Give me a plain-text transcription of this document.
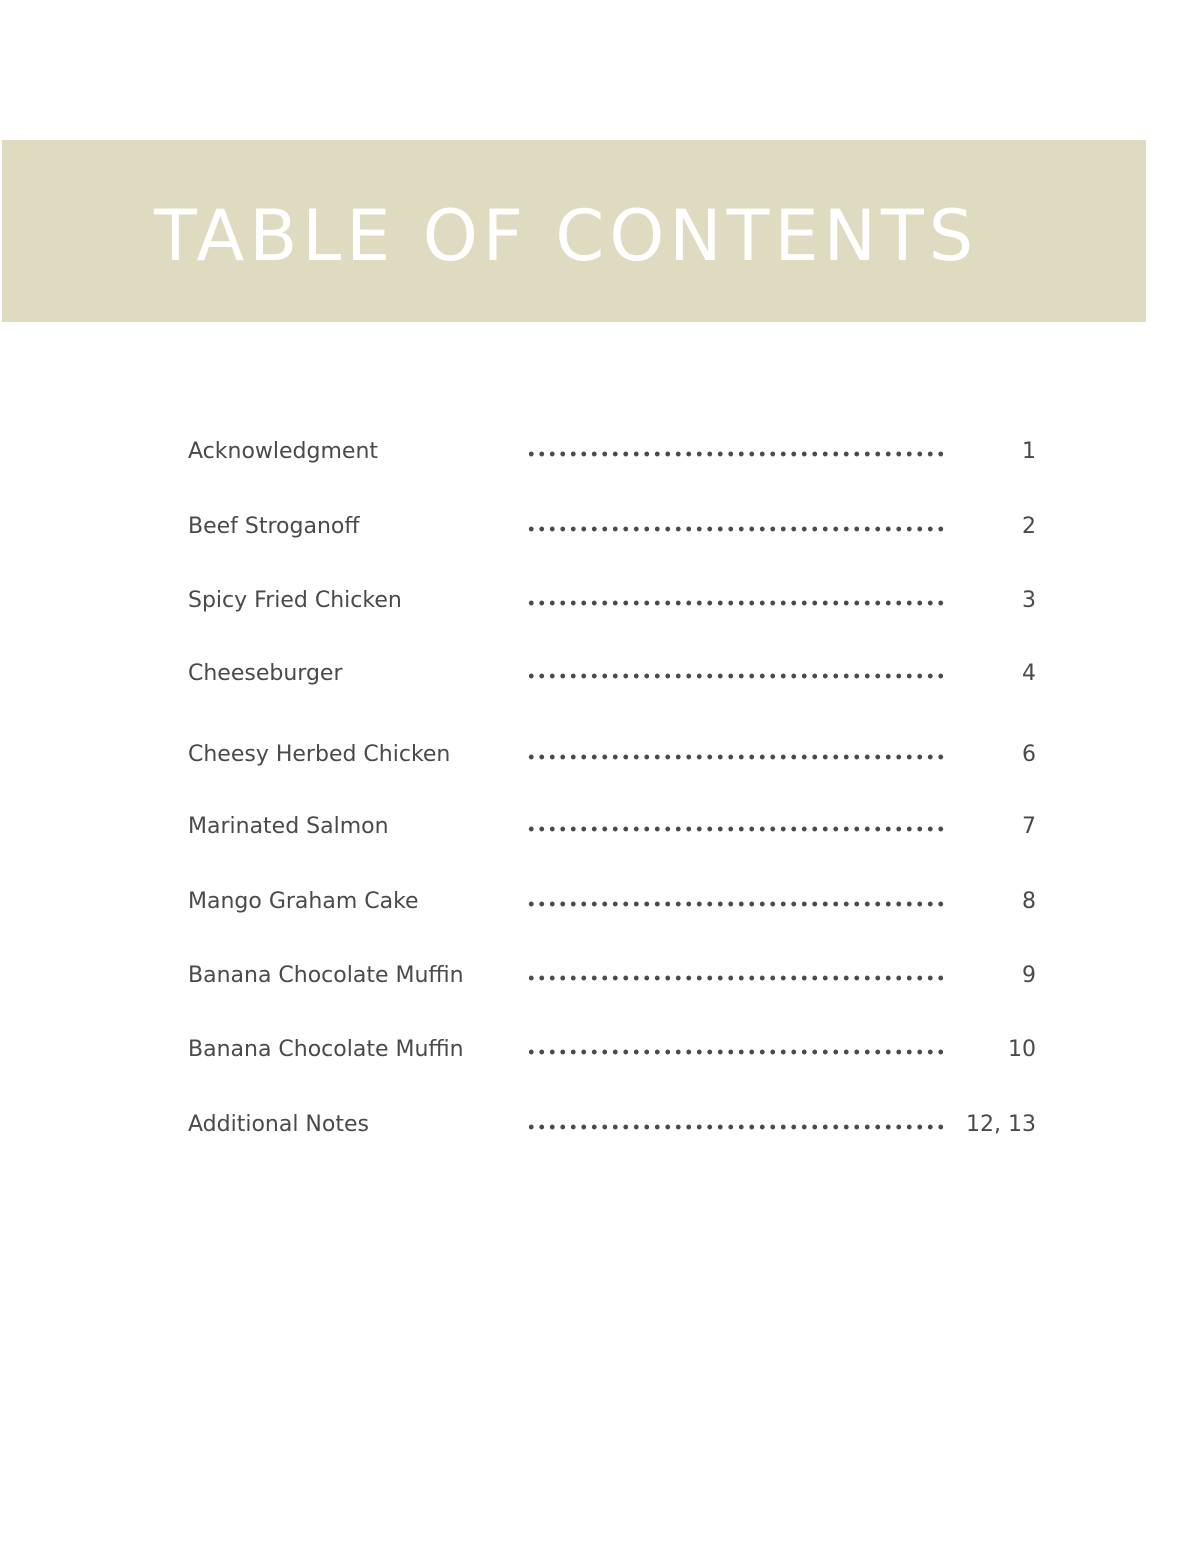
TABLE OF CONTENTS
Acknowledgment	1
Beef Stroganoff	2
Spicy Fried Chicken	3
Cheeseburger	4
Cheesy Herbed Chicken	6
Marinated Salmon	7
Mango Graham Cake	8
Banana Chocolate Muffin	9
Banana Chocolate Muffin	10
Additional Notes	12, 13
